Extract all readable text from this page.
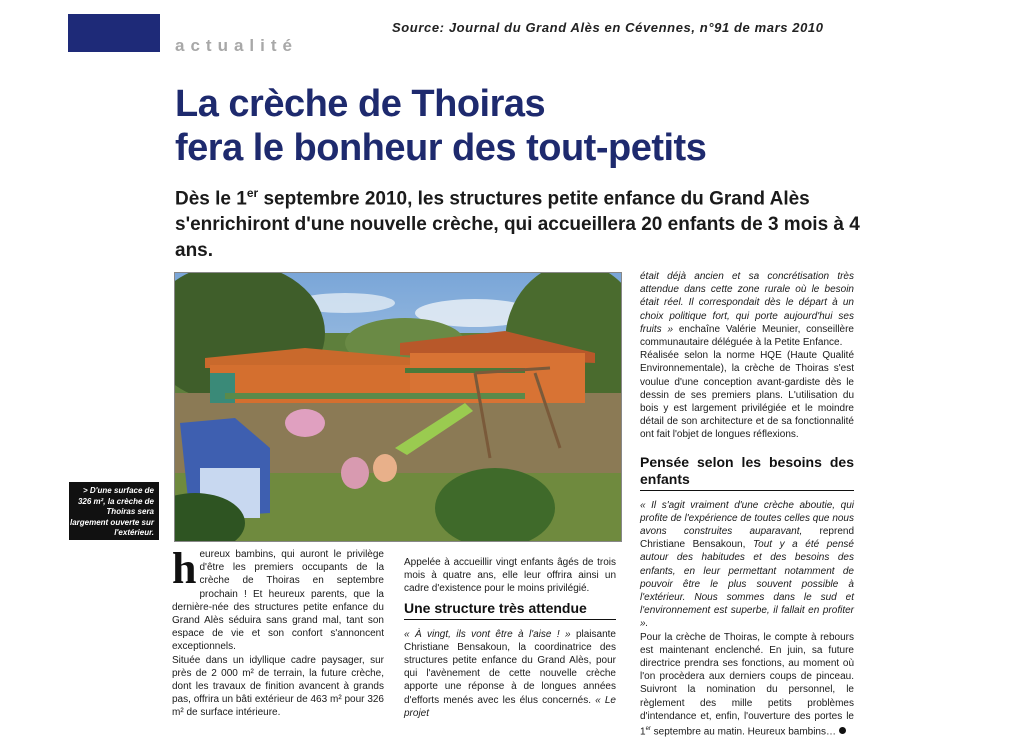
actualité
Source: Journal du Grand Alès en Cévennes, n°91 de mars 2010
La crèche de Thoiras
fera le bonheur des tout-petits
Dès le 1er septembre 2010, les structures petite enfance du Grand Alès s'enrichiront d'une nouvelle crèche, qui accueillera 20 enfants de 3 mois à 4 ans.
> D'une surface de 326 m², la crèche de Thoiras sera largement ouverte sur l'extérieur.

heureux bambins, qui auront le privilège d'être les premiers occupants de la crèche de Thoiras en septembre prochain ! Et heureux parents, que la dernière-née des structures petite enfance du Grand Alès séduira sans grand mal, tant son espace de vie et son confort s'annoncent exceptionnels.

Située dans un idyllique cadre paysager, sur près de 2 000 m² de terrain, la future crèche, dont les travaux de finition avancent à grands pas, offrira un bâti extérieur de 463 m² pour 326 m² de surface intérieure.

Appelée à accueillir vingt enfants âgés de trois mois à quatre ans, elle leur offrira ainsi un cadre d'existence pour le moins privilégié.

Une structure très attendue

« À vingt, ils vont être à l'aise ! » plaisante Christiane Bensakoun, la coordinatrice des structures petite enfance du Grand Alès, pour qui l'avènement de cette nouvelle crèche apporte une réponse à de longues années d'efforts menés avec les élus concernés. « Le projet

était déjà ancien et sa concrétisation très attendue dans cette zone rurale où le besoin était réel. Il correspondait dès le départ à un choix politique fort, qui porte aujourd'hui ses fruits » enchaîne Valérie Meunier, conseillère communautaire déléguée à la Petite Enfance.

Réalisée selon la norme HQE (Haute Qualité Environnementale), la crèche de Thoiras s'est voulue d'une conception avant-gardiste dès le dessin de ses premiers plans. L'utilisation du bois y est largement privilégiée et le moindre détail de son architecture et de sa fonctionnalité ont fait l'objet de longues réflexions.

Pensée selon les besoins des enfants

« Il s'agit vraiment d'une crèche aboutie, qui profite de l'expérience de toutes celles que nous avons construites auparavant, reprend Christiane Bensakoun, Tout y a été pensé autour des habitudes et des besoins des enfants, en leur permettant notamment de pouvoir être le plus souvent possible à l'extérieur. Nous sommes dans le sud et l'environnement est superbe, il fallait en profiter ».

Pour la crèche de Thoiras, le compte à rebours est maintenant enclenché. En juin, sa future directrice prendra ses fonctions, au moment où l'on procèdera aux derniers coups de pinceau. Suivront la nomination du personnel, le règlement des mille petits problèmes d'intendance et, enfin, l'ouverture des portes le 1er septembre au matin. Heureux bambins…
